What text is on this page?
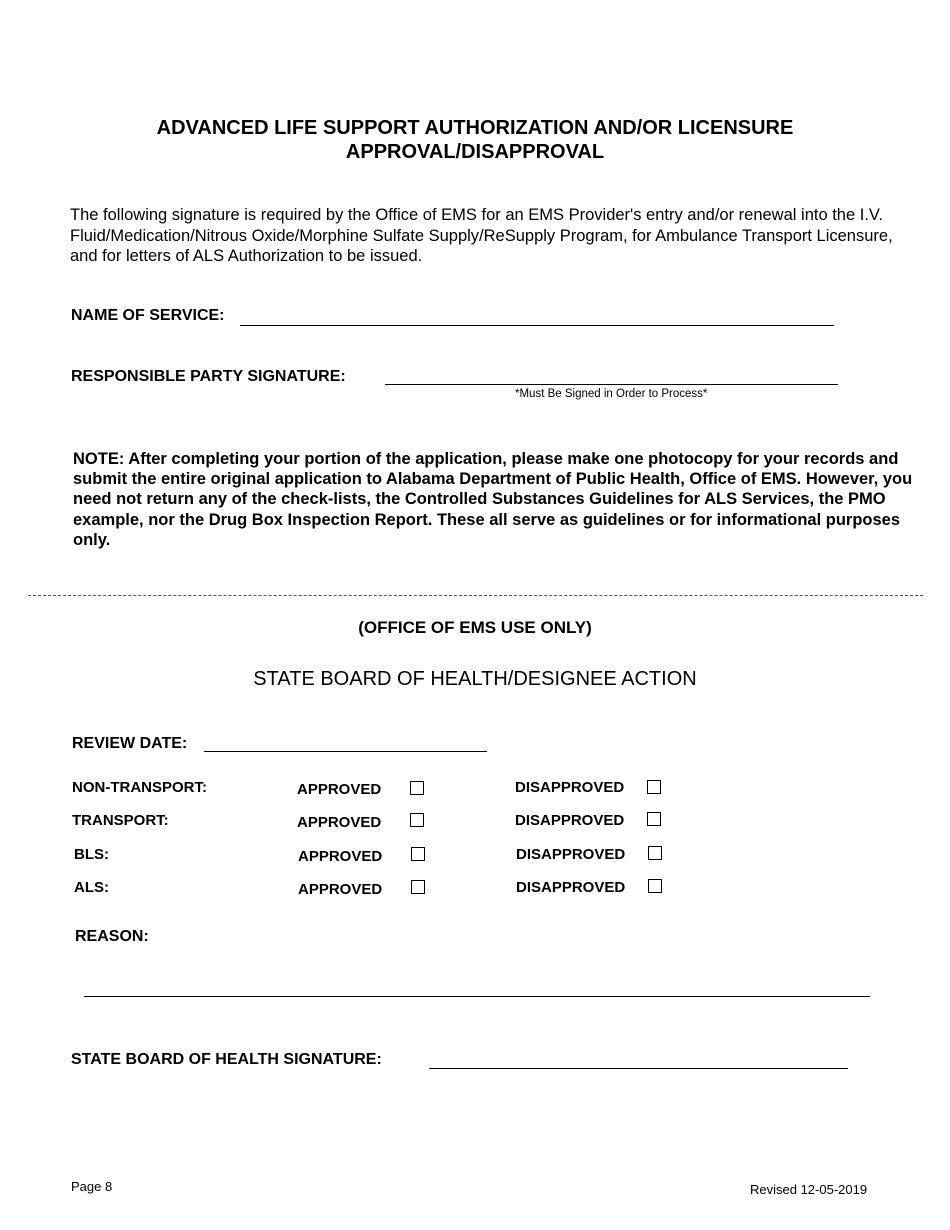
ADVANCED LIFE SUPPORT AUTHORIZATION AND/OR LICENSURE
APPROVAL/DISAPPROVAL
The following signature is required by the Office of EMS for an EMS Provider's entry and/or renewal into the I.V. Fluid/Medication/Nitrous Oxide/Morphine Sulfate Supply/ReSupply Program, for Ambulance Transport Licensure, and for letters of ALS Authorization to be issued.
NAME OF SERVICE:
RESPONSIBLE PARTY SIGNATURE:
*Must Be Signed in Order to Process*
NOTE: After completing your portion of the application, please make one photocopy for your records and submit the entire original application to Alabama Department of Public Health, Office of EMS. However, you need not return any of the check-lists, the Controlled Substances Guidelines for ALS Services, the PMO example, nor the Drug Box Inspection Report. These all serve as guidelines or for informational purposes only.
(OFFICE OF EMS USE ONLY)
STATE BOARD OF HEALTH/DESIGNEE ACTION
REVIEW DATE:
NON-TRANSPORT:	APPROVED	DISAPPROVED
TRANSPORT:	APPROVED	DISAPPROVED
BLS:	APPROVED	DISAPPROVED
ALS:	APPROVED	DISAPPROVED
REASON:
STATE BOARD OF HEALTH SIGNATURE:
Page 8	Revised 12-05-2019
